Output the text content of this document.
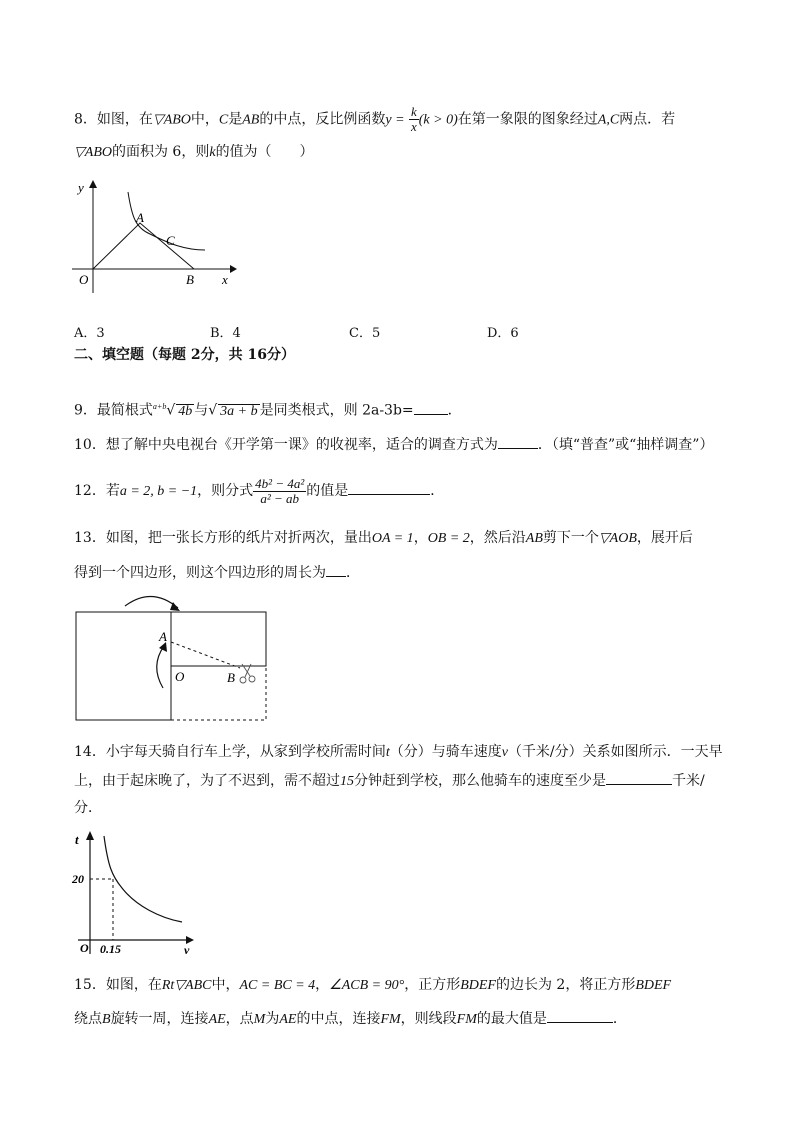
8．如图，在▽ABO中，C是AB的中点，反比例函数$y = \frac{k}{x} (k > 0)$在第一象限的图象经过A,C两点．若
▽ABO的面积为 6，则k的值为（　　）
y
x
O
A
B
C
A．3	B．4	C．5	D．6
二、填空题（每题 2分，共 16分）
9．最简根式$^{a+b}$√ 4b 与√ 3a + b 是同类根式，则 2a-3b= ．
10．想了解中央电视台《开学第一课》的收视率，适合的调查方式为	．（填“普查”或“抽样调查”）
12．若a = 2, b = −1，则分式 $\frac{\text{4b² − 4a²}}{\text{a² − ab}}$ 的值是	．
13．如图，把一张长方形的纸片对折两次，量出OA = 1，OB = 2，然后沿AB剪下一个▽AOB，展开后
得到一个四边形，则这个四边形的周长为 ．
A
O	B
14．小宇每天骑自行车上学，从家到学校所需时间t（分）与骑车速度v（千米/分）关系如图所示．一天早
上，由于起床晚了，为了不迟到，需不超过15分钟赶到学校，那么他骑车的速度至少是	千米/
分．
t
v
O
20
0.15
15．如图，在Rt▽ABC中，AC = BC = 4，∠ACB = 90°，正方形BDEF的边长为 2，将正方形BDEF
绕点B旋转一周，连接AE，点M为AE的中点，连接FM，则线段FM的最大值是	．
